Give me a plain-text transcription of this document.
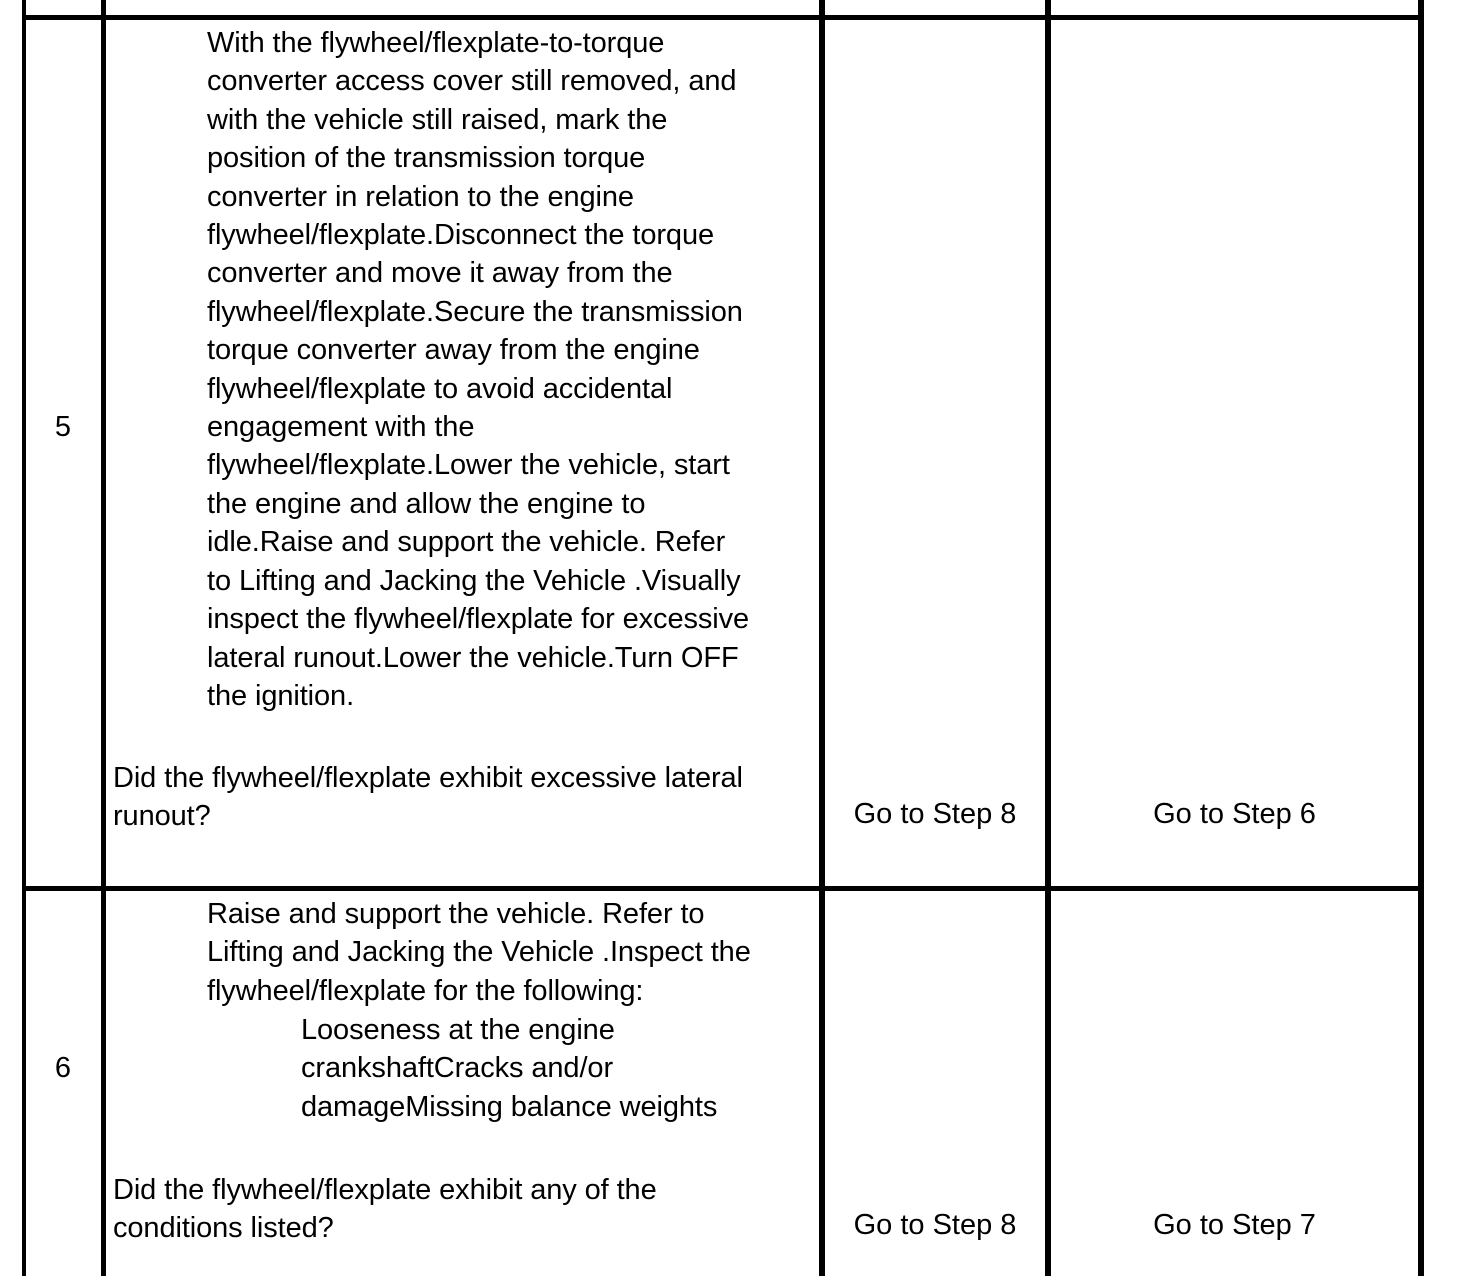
5
With the flywheel/flexplate-to-torque
converter access cover still removed, and
with the vehicle still raised, mark the
position of the transmission torque
converter in relation to the engine
flywheel/flexplate.Disconnect the torque
converter and move it away from the
flywheel/flexplate.Secure the transmission
torque converter away from the engine
flywheel/flexplate to avoid accidental
engagement with the
flywheel/flexplate.Lower the vehicle, start
the engine and allow the engine to
idle.Raise and support the vehicle. Refer
to Lifting and Jacking the Vehicle .Visually
inspect the flywheel/flexplate for excessive
lateral runout.Lower the vehicle.Turn OFF
the ignition.
Did the flywheel/flexplate exhibit excessive lateral
runout?	Go to Step 8	Go to Step 6
6
Raise and support the vehicle. Refer to
Lifting and Jacking the Vehicle .Inspect the
flywheel/flexplate for the following:
Looseness at the engine
crankshaftCracks and/or
damageMissing balance weights
Did the flywheel/flexplate exhibit any of the
conditions listed?	Go to Step 8	Go to Step 7
